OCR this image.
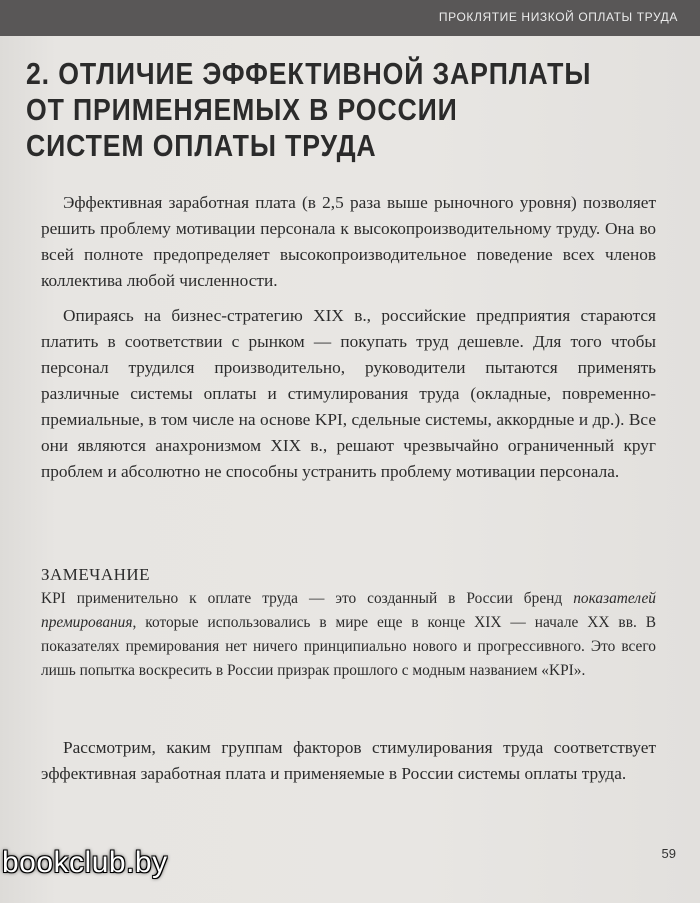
ПРОКЛЯТИЕ НИЗКОЙ ОПЛАТЫ ТРУДА
2. ОТЛИЧИЕ ЭФФЕКТИВНОЙ ЗАРПЛАТЫ
ОТ ПРИМЕНЯЕМЫХ В РОССИИ
СИСТЕМ ОПЛАТЫ ТРУДА

Эффективная заработная плата (в 2,5 раза выше рыночного уровня) позволяет решить проблему мотивации персонала к высокопроизводительному труду. Она во всей полноте предопределяет высокопроизводительное поведение всех членов коллектива любой численности.

Опираясь на бизнес-стратегию XIX в., российские предприятия стараются платить в соответствии с рынком — покупать труд дешевле. Для того чтобы персонал трудился производительно, руководители пытаются применять различные системы оплаты и стимулирования труда (окладные, повременно-премиальные, в том числе на основе KPI, сдельные системы, аккордные и др.). Все они являются анахронизмом XIX в., решают чрезвычайно ограниченный круг проблем и абсолютно не способны устранить проблему мотивации персонала.

ЗАМЕЧАНИЕ

KPI применительно к оплате труда — это созданный в России бренд показателей премирования, которые использовались в мире еще в конце XIX — начале XX вв. В показателях премирования нет ничего принципиально нового и прогрессивного. Это всего лишь попытка воскресить в России призрак прошлого с модным названием «KPI».

Рассмотрим, каким группам факторов стимулирования труда соответствует эффективная заработная плата и применяемые в России системы оплаты труда.

59
bookclub.by
